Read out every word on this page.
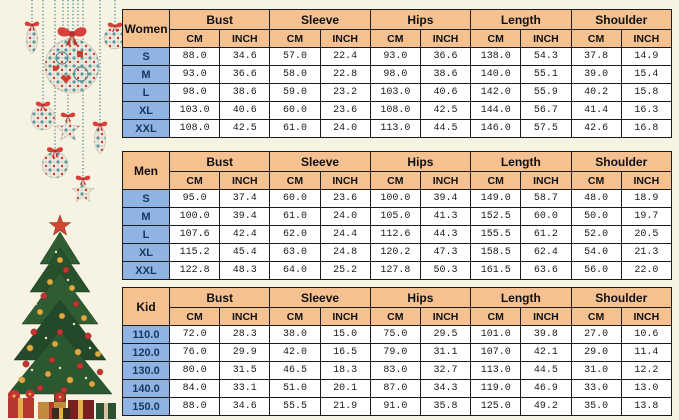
Women	Bust		Sleeve		Hips		Length		Shoulder	
	CM	INCH	CM	INCH	CM	INCH	CM	INCH	CM	INCH
S	88.0	34.6	57.0	22.4	93.0	36.6	138.0	54.3	37.8	14.9
M	93.0	36.6	58.0	22.8	98.0	38.6	140.0	55.1	39.0	15.4
L	98.0	38.6	59.0	23.2	103.0	40.6	142.0	55.9	40.2	15.8
XL	103.0	40.6	60.0	23.6	108.0	42.5	144.0	56.7	41.4	16.3
XXL	108.0	42.5	61.0	24.0	113.0	44.5	146.0	57.5	42.6	16.8
Men	Bust		Sleeve		Hips		Length		Shoulder	
	CM	INCH	CM	INCH	CM	INCH	CM	INCH	CM	INCH
S	95.0	37.4	60.0	23.6	100.0	39.4	149.0	58.7	48.0	18.9
M	100.0	39.4	61.0	24.0	105.0	41.3	152.5	60.0	50.0	19.7
L	107.6	42.4	62.0	24.4	112.6	44.3	155.5	61.2	52.0	20.5
XL	115.2	45.4	63.0	24.8	120.2	47.3	158.5	62.4	54.0	21.3
XXL	122.8	48.3	64.0	25.2	127.8	50.3	161.5	63.6	56.0	22.0
Kid	Bust		Sleeve		Hips		Length		Shoulder	
	CM	INCH	CM	INCH	CM	INCH	CM	INCH	CM	INCH
110.0	72.0	28.3	38.0	15.0	75.0	29.5	101.0	39.8	27.0	10.6
120.0	76.0	29.9	42.0	16.5	79.0	31.1	107.0	42.1	29.0	11.4
130.0	80.0	31.5	46.5	18.3	83.0	32.7	113.0	44.5	31.0	12.2
140.0	84.0	33.1	51.0	20.1	87.0	34.3	119.0	46.9	33.0	13.0
150.0	88.0	34.6	55.5	21.9	91.0	35.8	125.0	49.2	35.0	13.8
